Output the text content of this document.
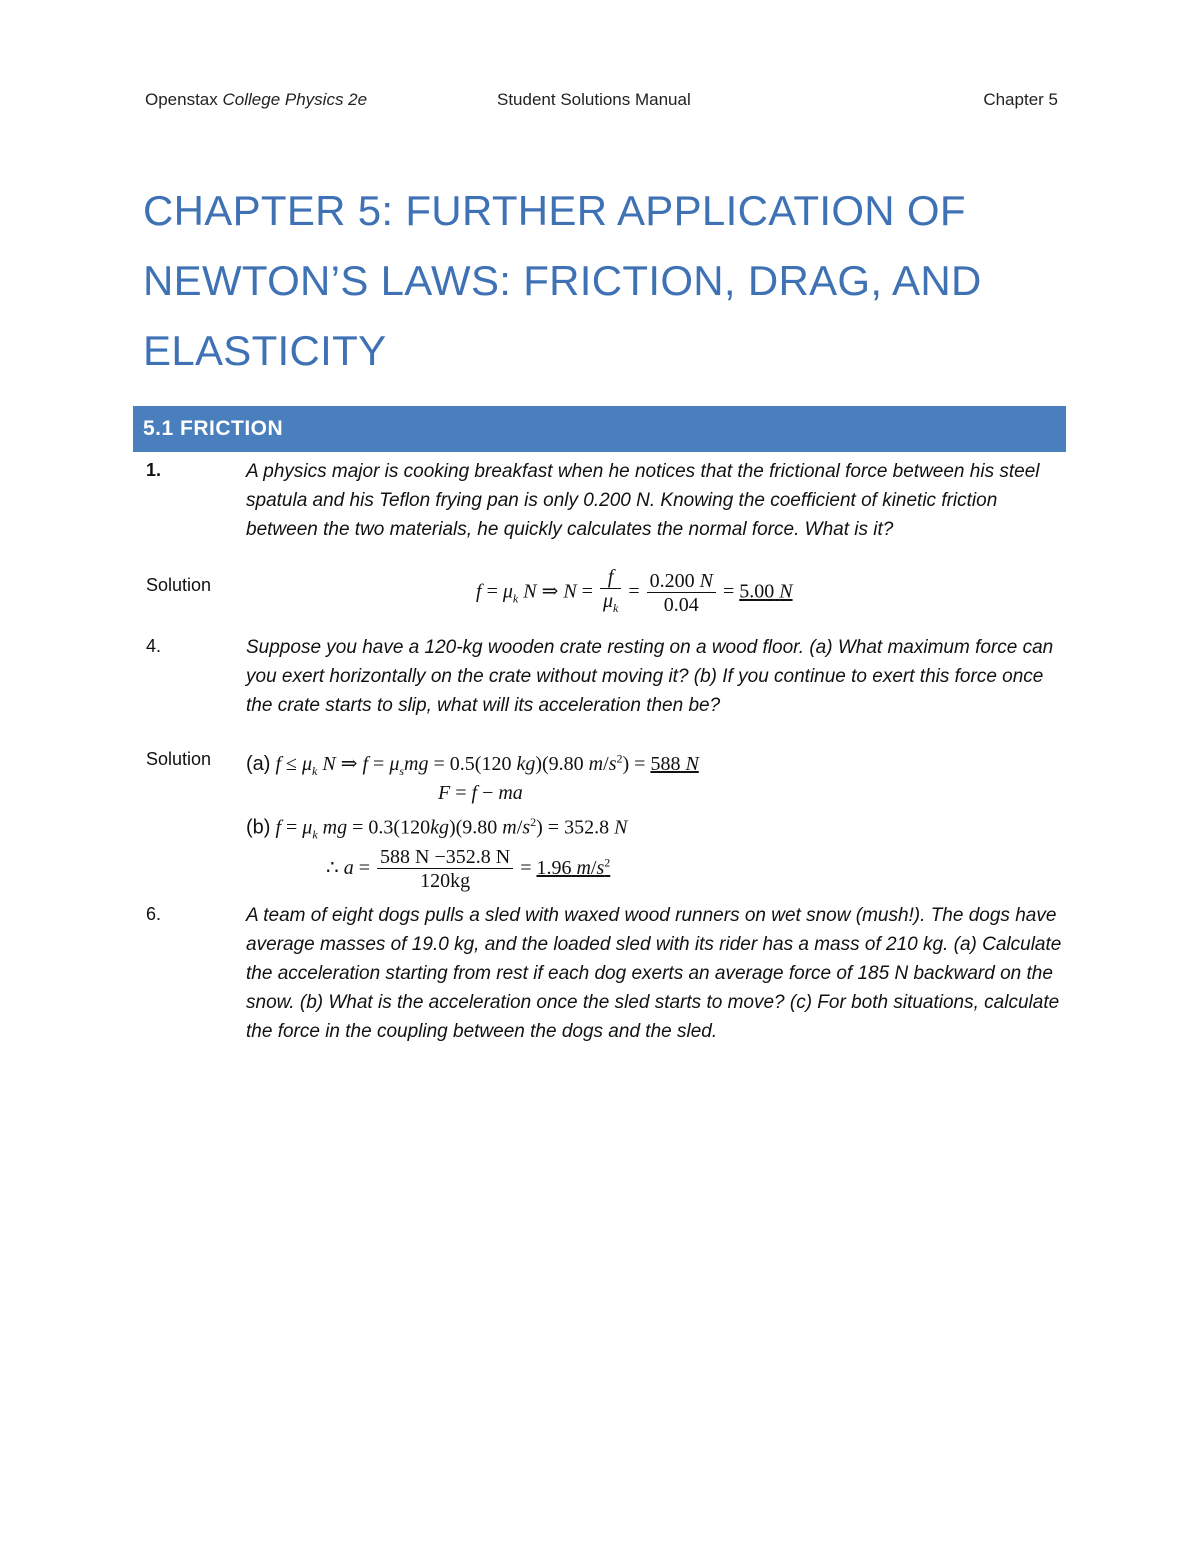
Openstax College Physics 2e	Student Solutions Manual	Chapter 5
CHAPTER 5: FURTHER APPLICATION OF
NEWTON’S LAWS: FRICTION, DRAG, AND
ELASTICITY
5.1 FRICTION
1.	A physics major is cooking breakfast when he notices that the frictional force between his steel spatula and his Teflon frying pan is only 0.200 N. Knowing the coefficient of kinetic friction between the two materials, he quickly calculates the normal force. What is it?
Solution	$f = \mu_k$ N ⇒ $N = \frac{f}{\mu_k} = \frac{0.200 N}{0.04} = 5.00$ N
4.	Suppose you have a 120-kg wooden crate resting on a wood floor. (a) What maximum force can you exert horizontally on the crate without moving it? (b) If you continue to exert this force once the crate starts to slip, what will its acceleration then be?
Solution (a) $f \le \mu_k$ N ⇒ $f = \mu_smg = 0.5(120$ kg)(9.80 $m/s^2) = 588$ N
F = f − ma
(b) $f = \mu_k$ mg = 0.3(120kg)(9.80 $m/s^2) = 352.8$ N
∴ $a = \frac{588 N -352.8 N}{120kg} = 1.96$ $m/s^2$
6.	A team of eight dogs pulls a sled with waxed wood runners on wet snow (mush!). The dogs have average masses of 19.0 kg, and the loaded sled with its rider has a mass of 210 kg. (a) Calculate the acceleration starting from rest if each dog exerts an average force of 185 N backward on the snow. (b) What is the acceleration once the sled starts to move? (c) For both situations, calculate the force in the coupling between the dogs and the sled.
